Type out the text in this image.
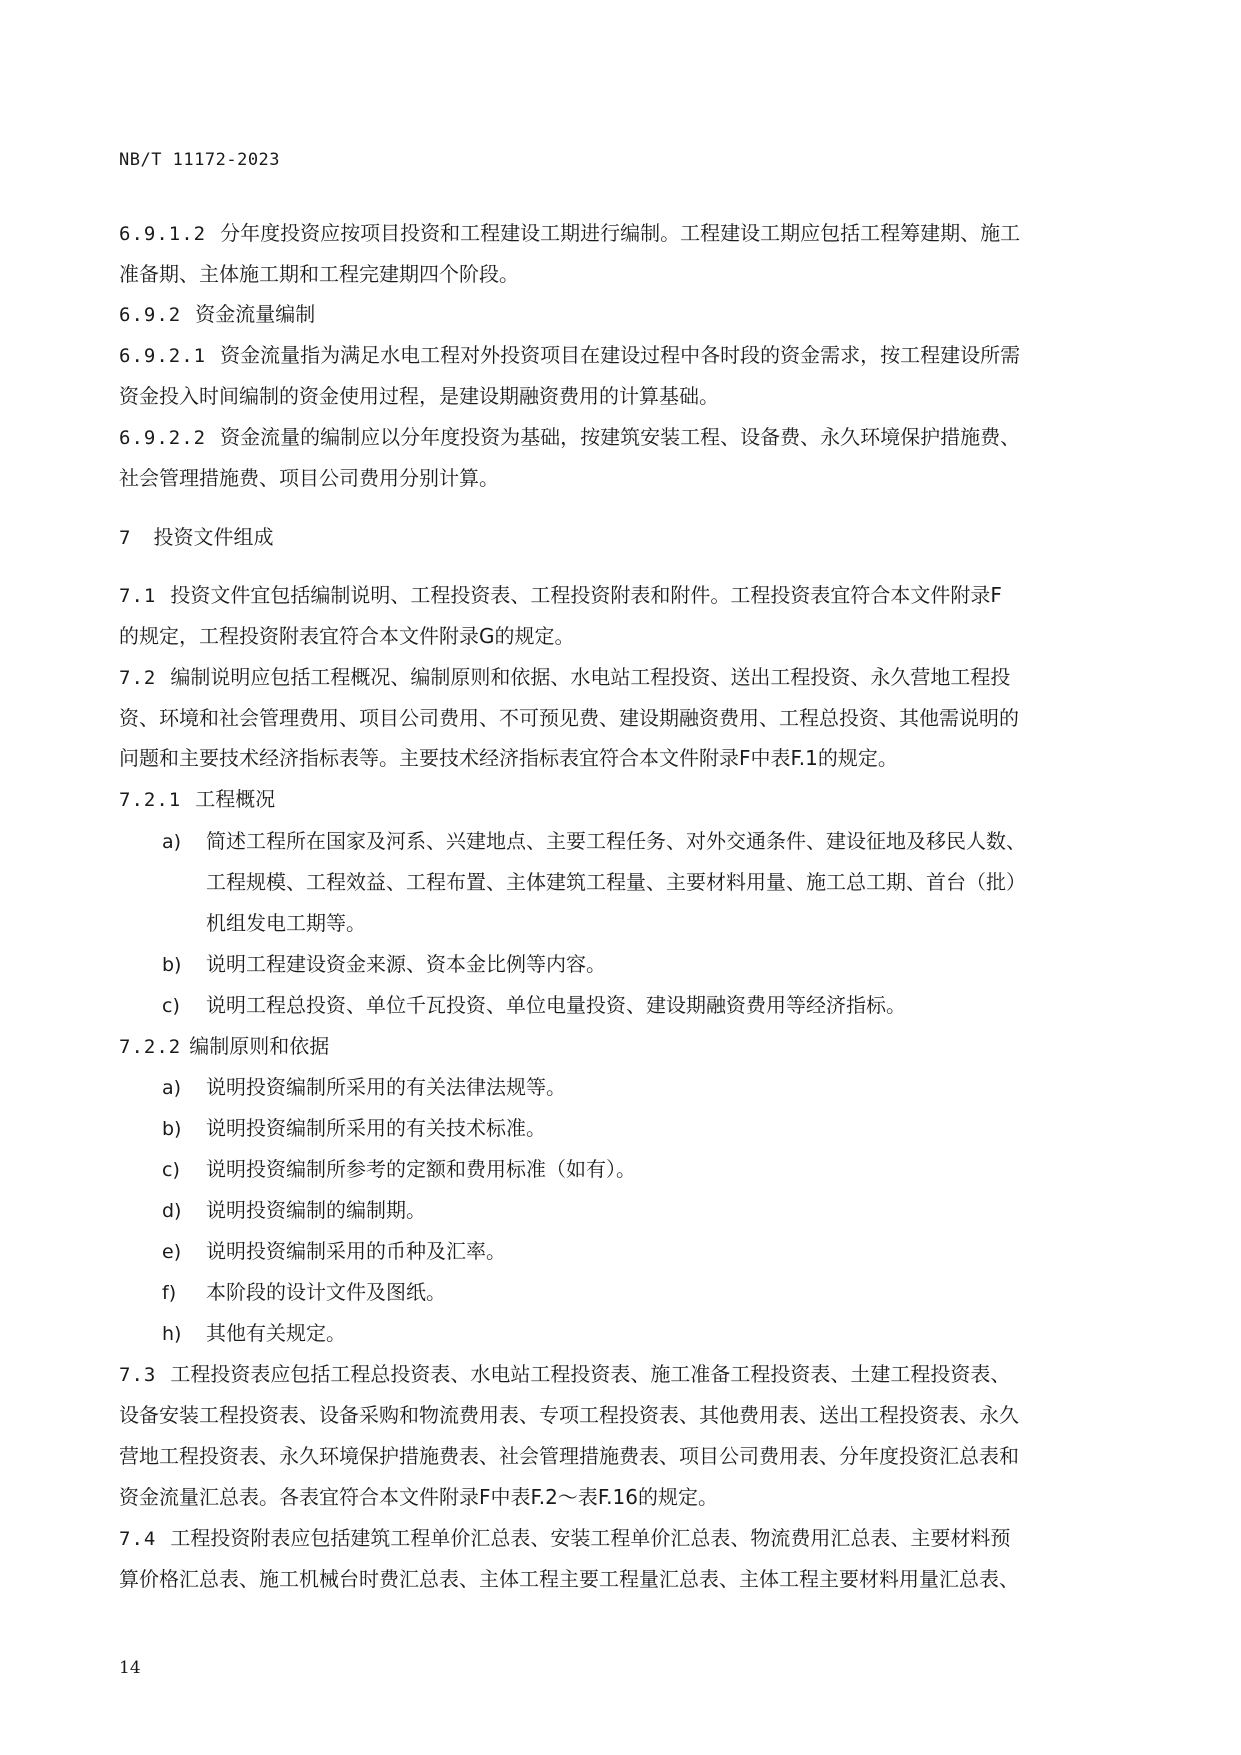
NB/T 11172-2023
6.9.1.2 分年度投资应按项目投资和工程建设工期进行编制。工程建设工期应包括工程筹建期、施工
准备期、主体施工期和工程完建期四个阶段。
6.9.2 资金流量编制
6.9.2.1 资金流量指为满足水电工程对外投资项目在建设过程中各时段的资金需求，按工程建设所需
资金投入时间编制的资金使用过程，是建设期融资费用的计算基础。
6.9.2.2 资金流量的编制应以分年度投资为基础，按建筑安装工程、设备费、永久环境保护措施费、
社会管理措施费、项目公司费用分别计算。
7 投资文件组成
7.1 投资文件宜包括编制说明、工程投资表、工程投资附表和附件。工程投资表宜符合本文件附录F
的规定，工程投资附表宜符合本文件附录G的规定。
7.2 编制说明应包括工程概况、编制原则和依据、水电站工程投资、送出工程投资、永久营地工程投
资、环境和社会管理费用、项目公司费用、不可预见费、建设期融资费用、工程总投资、其他需说明的
问题和主要技术经济指标表等。主要技术经济指标表宜符合本文件附录F中表F.1的规定。
7.2.1 工程概况
a) 简述工程所在国家及河系、兴建地点、主要工程任务、对外交通条件、建设征地及移民人数、
工程规模、工程效益、工程布置、主体建筑工程量、主要材料用量、施工总工期、首台（批）
机组发电工期等。
b) 说明工程建设资金来源、资本金比例等内容。
c) 说明工程总投资、单位千瓦投资、单位电量投资、建设期融资费用等经济指标。
7.2.2 编制原则和依据
a) 说明投资编制所采用的有关法律法规等。
b) 说明投资编制所采用的有关技术标准。
c) 说明投资编制所参考的定额和费用标准（如有）。
d) 说明投资编制的编制期。
e) 说明投资编制采用的币种及汇率。
f) 本阶段的设计文件及图纸。
h) 其他有关规定。
7.3 工程投资表应包括工程总投资表、水电站工程投资表、施工准备工程投资表、土建工程投资表、
设备安装工程投资表、设备采购和物流费用表、专项工程投资表、其他费用表、送出工程投资表、永久
营地工程投资表、永久环境保护措施费表、社会管理措施费表、项目公司费用表、分年度投资汇总表和
资金流量汇总表。各表宜符合本文件附录F中表F.2～表F.16的规定。
7.4 工程投资附表应包括建筑工程单价汇总表、安装工程单价汇总表、物流费用汇总表、主要材料预
算价格汇总表、施工机械台时费汇总表、主体工程主要工程量汇总表、主体工程主要材料用量汇总表、
14
